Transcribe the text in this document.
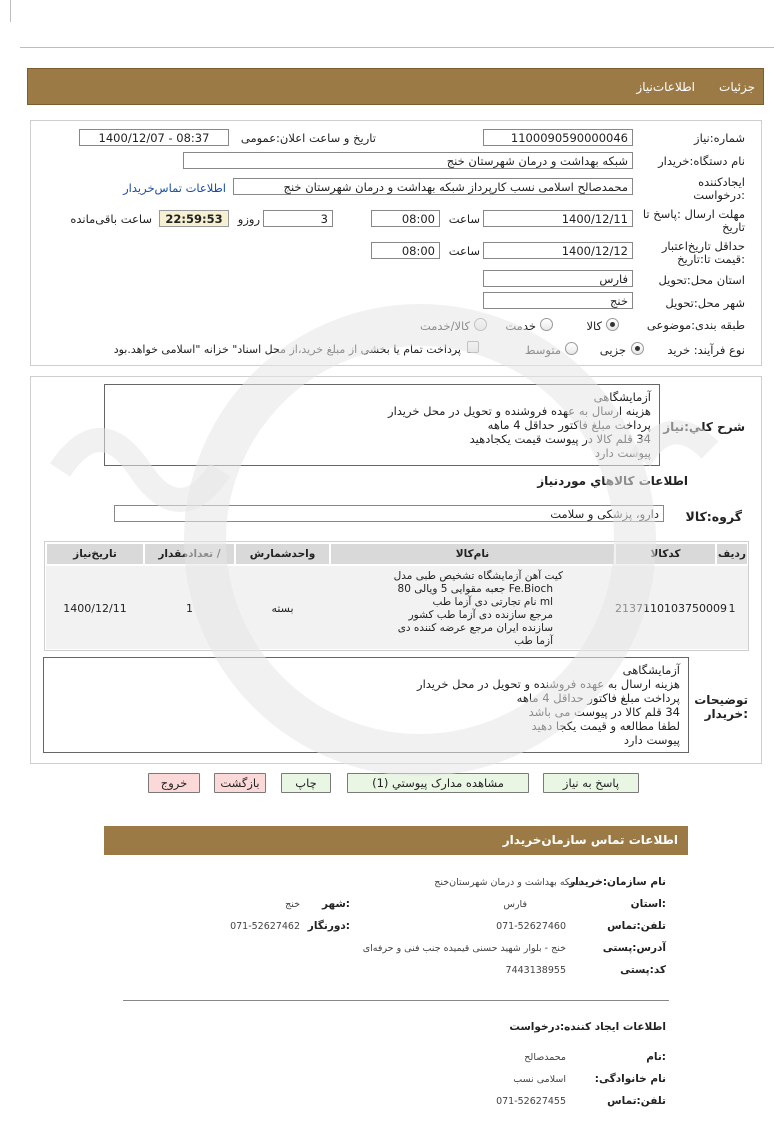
جزئیات
اطلاعات‌نیاز
شماره:نیاز
1100090590000046
تاریخ و ساعت اعلان:عمومی
1400/12/07 - 08:37
نام دستگاه:خریدار
شبکه بهداشت و درمان شهرستان خنج
ایجادکننده
:درخواست
محمدصالح اسلامی نسب کارپرداز شبکه بهداشت و درمان شهرستان خنج
اطلاعات تماس‌خریدار
مهلت ارسال :پاسخ تا
تاریخ
1400/12/11
ساعت
08:00
3
روزو
22:59:53
ساعت باقی‌مانده
حداقل تاریخ‌اعتبار
:قیمت تا:تاریخ
1400/12/12
ساعت
08:00
استان محل:تحویل
فارس
شهر محل:تحویل
خنج
طبقه بندی:موضوعی
کالا
خدمت
کالا/خدمت
نوع فرآیند: خرید
جزیی
متوسط
پرداخت تمام یا بخشی از مبلغ خرید،از محل اسناد" خزانه "اسلامی خواهد.بود
شرح کلي:نیاز
آزمایشگاهی
هزینه ارسال به عهده فروشنده و تحویل در محل خریدار
پرداخت مبلغ فاکتور حداقل 4 ماهه
34 قلم کالا در پیوست قیمت یکجادهید
پیوست دارد
اطلاعات کالاهاي موردنیاز
گروه:کالا
دارو، پزشکی و سلامت
ردیف
کدکالا
نام‌کالا
واحدشمارش
تعدادمقدار /
تاریخ‌نیاز
1
2137110103750009
کیت آهن آزمایشگاه تشخیص طبی مدل
Fe.Bioch جعبه مقوایی 5 ویالی 80
ml نام تجارتی دی آزما طب
مرجع سازنده دی آزما طب کشور
سازنده ایران مرجع عرضه کننده دی
آزما طب
بسته
1
1400/12/11
توضیحات
:خریدار
آزمایشگاهی
هزینه ارسال به عهده فروشنده و تحویل در محل خریدار
پرداخت مبلغ فاکتور حداقل 4 ماهه
34 قلم کالا در پیوست می باشد
لطفا مطالعه و قیمت یکجا دهید
پیوست دارد
پاسخ به نیاز
مشاهده مدارک پیوستي (1)
چاپ
بازگشت
خروج
اطلاعات تماس سازمان‌خریدار
نام سازمان:خریدار
شبکه بهداشت و درمان شهرستان‌خنج
:استان
فارس
:شهر
خنج
تلفن:تماس
071-52627460
:دورنگار
071-52627462
آدرس:پستی
خنج - بلوار شهید حسنی قیمیده جنب فنی و حرفه‌ای
کد:پستی
7443138955
اطلاعات ایجاد کننده:درخواست
:نام
محمدصالح
نام خانوادگی:
اسلامی نسب
تلفن:تماس
071-52627455
